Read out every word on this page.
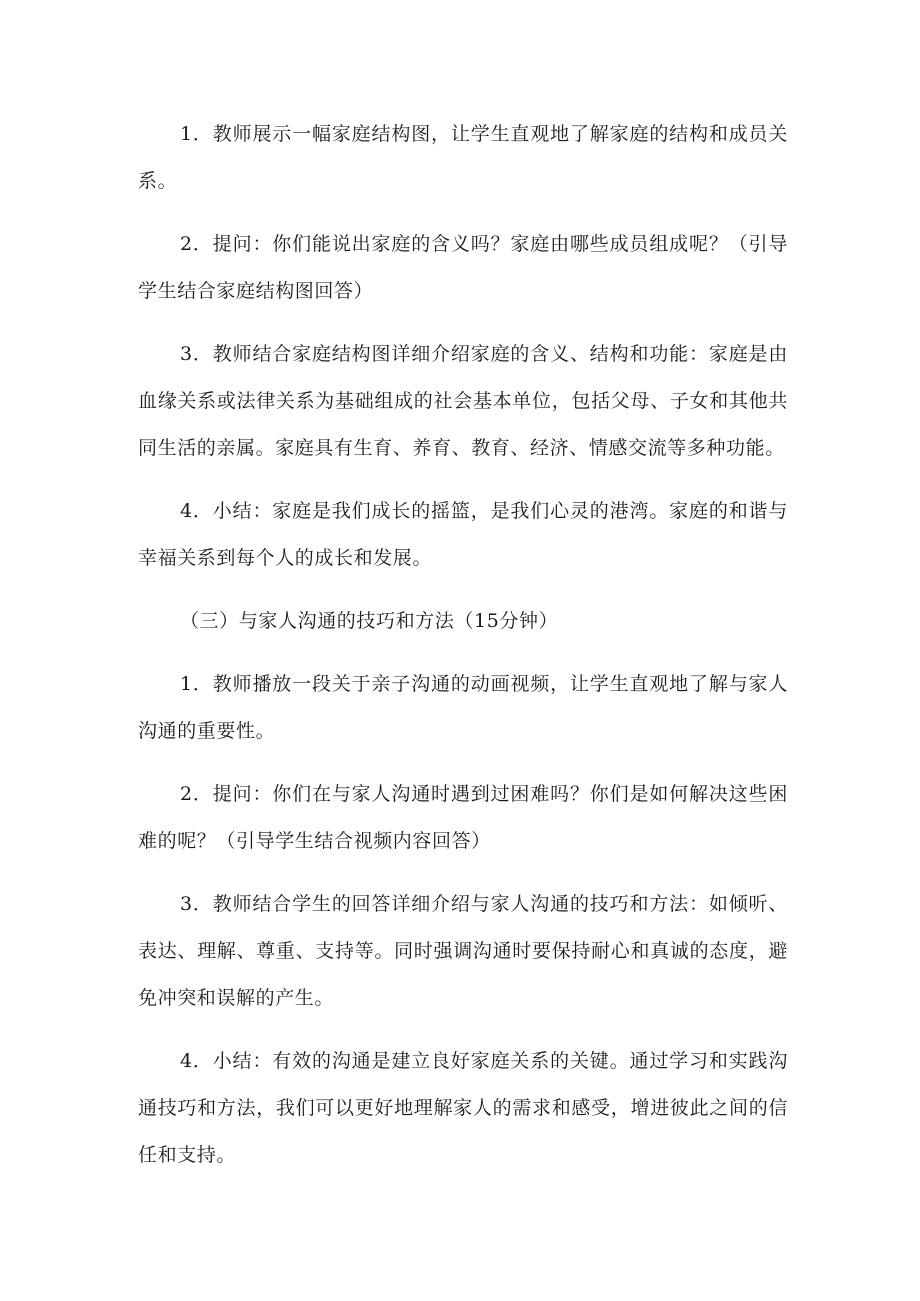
1．教师展示一幅家庭结构图，让学生直观地了解家庭的结构和成员关系。

2．提问：你们能说出家庭的含义吗？家庭由哪些成员组成呢？（引导学生结合家庭结构图回答）

3．教师结合家庭结构图详细介绍家庭的含义、结构和功能：家庭是由血缘关系或法律关系为基础组成的社会基本单位，包括父母、子女和其他共同生活的亲属。家庭具有生育、养育、教育、经济、情感交流等多种功能。

4．小结：家庭是我们成长的摇篮，是我们心灵的港湾。家庭的和谐与幸福关系到每个人的成长和发展。

（三）与家人沟通的技巧和方法（15分钟）

1．教师播放一段关于亲子沟通的动画视频，让学生直观地了解与家人沟通的重要性。

2．提问：你们在与家人沟通时遇到过困难吗？你们是如何解决这些困难的呢？（引导学生结合视频内容回答）

3．教师结合学生的回答详细介绍与家人沟通的技巧和方法：如倾听、表达、理解、尊重、支持等。同时强调沟通时要保持耐心和真诚的态度，避免冲突和误解的产生。

4．小结：有效的沟通是建立良好家庭关系的关键。通过学习和实践沟通技巧和方法，我们可以更好地理解家人的需求和感受，增进彼此之间的信任和支持。
